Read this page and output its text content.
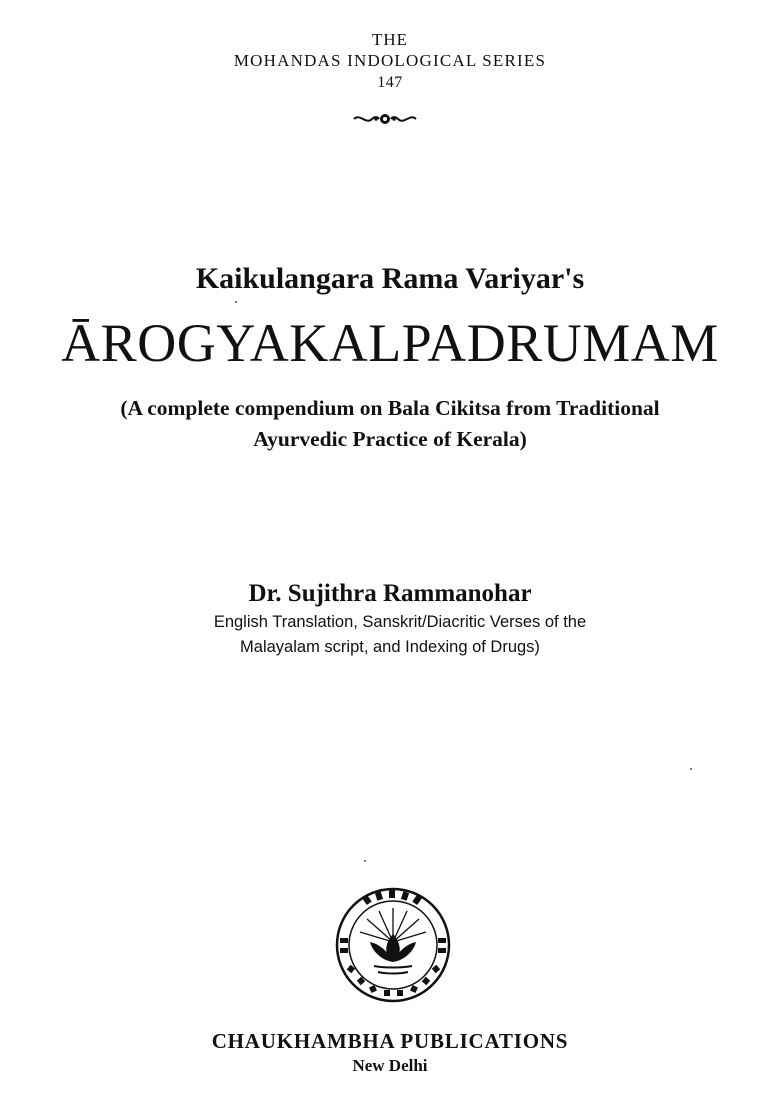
THE
MOHANDAS INDOLOGICAL SERIES
147
Kaikulangara Rama Variyar's
ĀROGYAKALPADRUMAM
(A complete compendium on Bala Cikitsa from Traditional
Ayurvedic Practice of Kerala)
Dr. Sujithra Rammanohar
English Translation, Sanskrit/Diacritic Verses of the
Malayalam script, and Indexing of Drugs)
CHAUKHAMBHA PUBLICATIONS
New Delhi
